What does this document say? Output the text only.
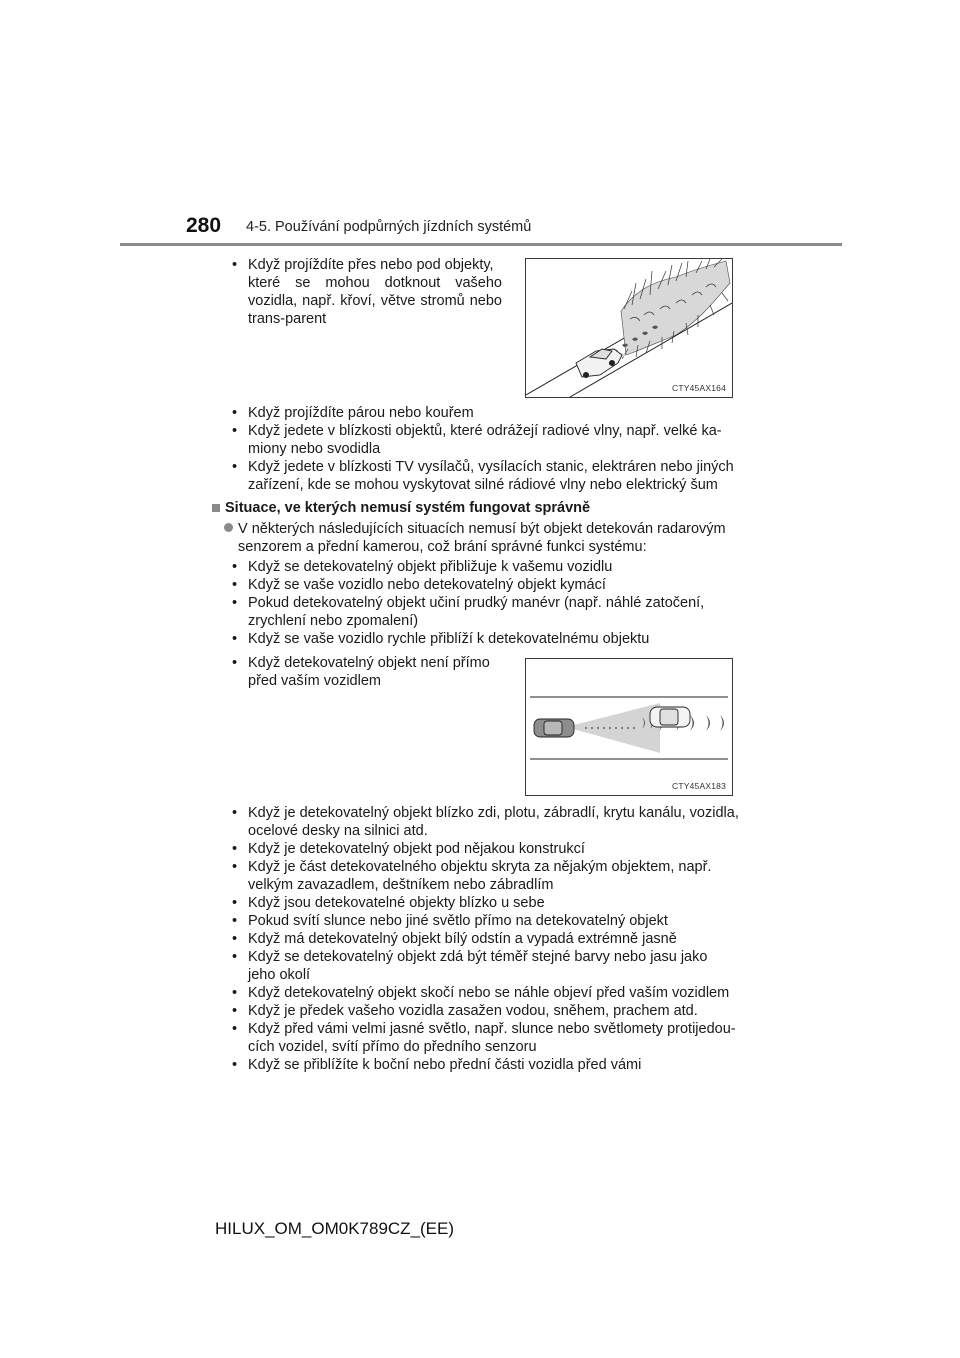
280 4-5. Používání podpůrných jízdních systémů
• Když projíždíte přes nebo pod objekty,
které se mohou dotknout vašeho vozidla, např. křoví, větve stromů nebo trans-parent
CTY45AX164
• Když projíždíte párou nebo kouřem
• Když jedete v blízkosti objektů, které odrážejí radiové vlny, např. velké ka-
miony nebo svodidla
• Když jedete v blízkosti TV vysílačů, vysílacích stanic, elektráren nebo jiných
zařízení, kde se mohou vyskytovat silné rádiové vlny nebo elektrický šum
Situace, ve kterých nemusí systém fungovat správně
V některých následujících situacích nemusí být objekt detekován radarovým
senzorem a přední kamerou, což brání správné funkci systému:
• Když se detekovatelný objekt přibližuje k vašemu vozidlu
• Když se vaše vozidlo nebo detekovatelný objekt kymácí
• Pokud detekovatelný objekt učiní prudký manévr (např. náhlé zatočení,
zrychlení nebo zpomalení)
• Když se vaše vozidlo rychle přiblíží k detekovatelnému objektu
• Když detekovatelný objekt není přímo
před vaším vozidlem
CTY45AX183
• Když je detekovatelný objekt blízko zdi, plotu, zábradlí, krytu kanálu, vozidla,
ocelové desky na silnici atd.
• Když je detekovatelný objekt pod nějakou konstrukcí
• Když je část detekovatelného objektu skryta za nějakým objektem, např.
velkým zavazadlem, deštníkem nebo zábradlím
• Když jsou detekovatelné objekty blízko u sebe
• Pokud svítí slunce nebo jiné světlo přímo na detekovatelný objekt
• Když má detekovatelný objekt bílý odstín a vypadá extrémně jasně
• Když se detekovatelný objekt zdá být téměř stejné barvy nebo jasu jako
jeho okolí
• Když detekovatelný objekt skočí nebo se náhle objeví před vaším vozidlem
• Když je předek vašeho vozidla zasažen vodou, sněhem, prachem atd.
• Když před vámi velmi jasné světlo, např. slunce nebo světlomety protijedou-
cích vozidel, svítí přímo do předního senzoru
• Když se přiblížíte k boční nebo přední části vozidla před vámi
HILUX_OM_OM0K789CZ_(EE)
